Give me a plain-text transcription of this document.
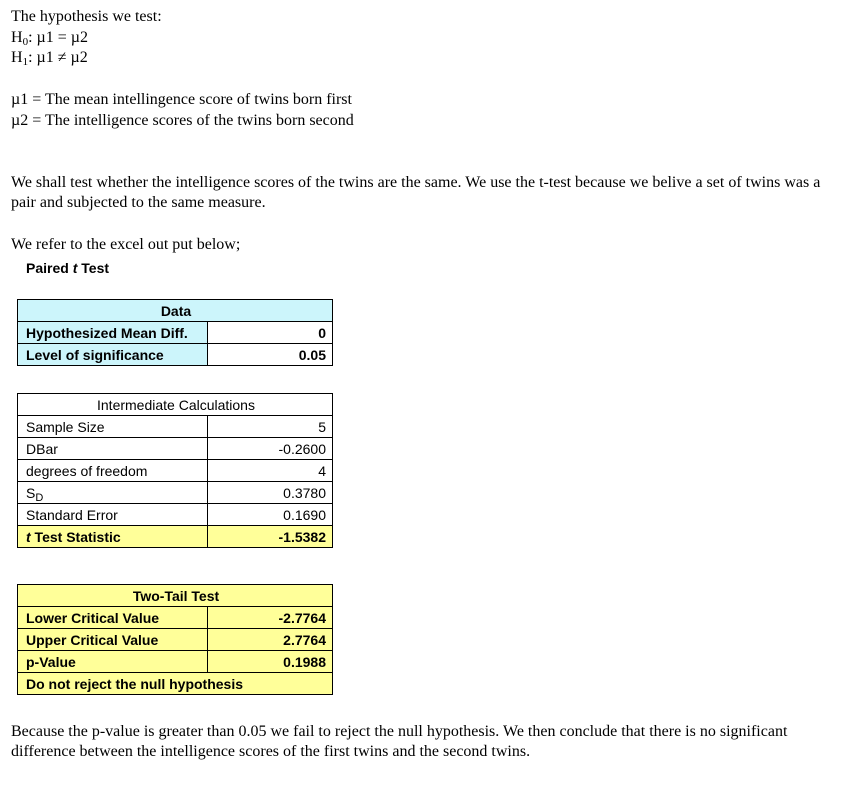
The hypothesis we test:
$H_0$: µ1 = µ2
$H_1$: µ1 ≠ µ2
µ1 = The mean intellingence score of twins born first
µ2 = The intelligence scores of the twins born second
We shall test whether the intelligence scores of the twins are the same. We use the t-test because we belive a set of twins was a pair and subjected to the same measure.
We refer to the excel out put below;
Paired t Test
Data	
Hypothesized Mean Diff.	0
Level of significance	0.05
Intermediate Calculations	
Sample Size	5
DBar	-0.2600
degrees of freedom	4
$S_D$	0.3780
Standard Error	0.1690
t Test Statistic	-1.5382
Two-Tail Test	
Lower Critical Value	-2.7764
Upper Critical Value	2.7764
p-Value	0.1988
Do not reject the null hypothesis	
Because the p-value is greater than 0.05 we fail to reject the null hypothesis. We then conclude that there is no significant difference between the intelligence scores of the first twins and the second twins.
